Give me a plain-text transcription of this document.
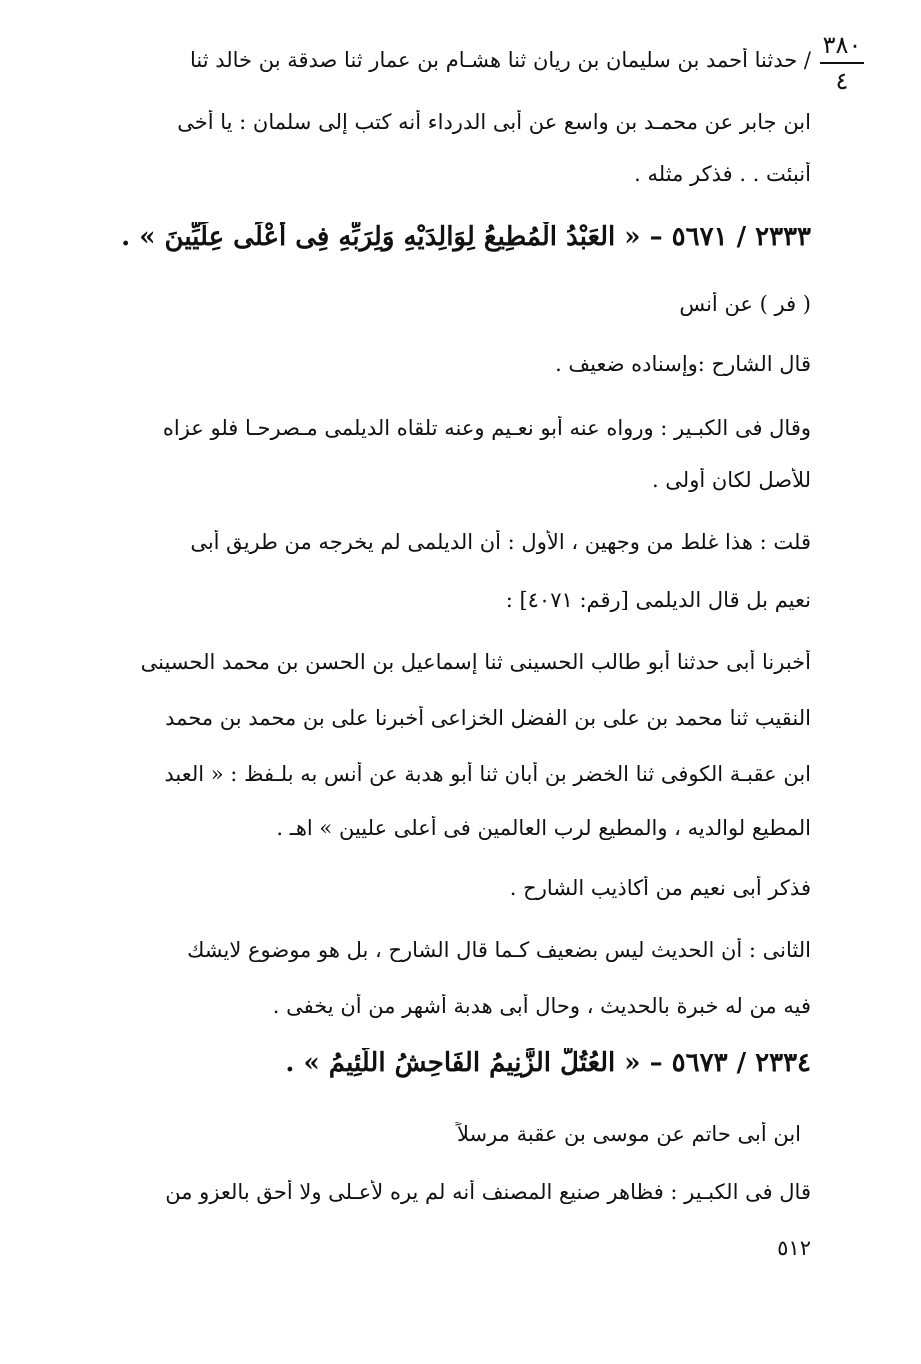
٣٨٠
٤
/ حدثنا أحمد بن سليمان بن ريان ثنا هشـام بن عمار ثنا صدقة بن خالد ثنا
ابن جابر عن محمـد بن واسع عن أبى الدرداء أنه كتب إلى سلمان : يا أخى
أنبئت . . فذكر مثله .
٢٣٣٣ / ٥٦٧١ – « العَبْدُ الْمُطِيعُ لِوَالِدَيْهِ وَلِرَبِّهِ فِى أَعْلَى عِلِّيِّينَ » .
( فر ) عن أنس
قال الشارح :وإسناده ضعيف .
وقال فى الكبـير : ورواه عنه أبو نعـيم وعنه تلقاه الديلمى مـصرحـا فلو عزاه
للأصل لكان أولى .
قلت : هذا غلط من وجهين ، الأول : أن الديلمى لم يخرجه من طريق أبى
نعيم بل قال الديلمى [رقم: ٤٠٧١] :
أخبرنا أبى حدثنا أبو طالب الحسينى ثنا إسماعيل بن الحسن بن محمد الحسينى
النقيب ثنا محمد بن على بن الفضل الخزاعى أخبرنا على بن محمد بن محمد
ابن عقبـة الكوفى ثنا الخضر بن أبان ثنا أبو هدبة عن أنس به بلـفظ : « العبد
المطيع لوالديه ، والمطيع لرب العالمين فى أعلى عليين » اهـ .
فذكر أبى نعيم من أكاذيب الشارح .
الثانى : أن الحديث ليس بضعيف كـما قال الشارح ، بل هو موضوع لايشك
فيه من له خبرة بالحديث ، وحال أبى هدبة أشهر من أن يخفى .
٢٣٣٤ / ٥٦٧٣ – « العُتُلُّ الزَّنِيمُ الفَاحِشُ اللَّئِيمُ » .
ابن أبى حاتم عن موسى بن عقبة مرسلاً
قال فى الكبـير : فظاهر صنيع المصنف أنه لم يره لأعـلى ولا أحق بالعزو من
٥١٢
